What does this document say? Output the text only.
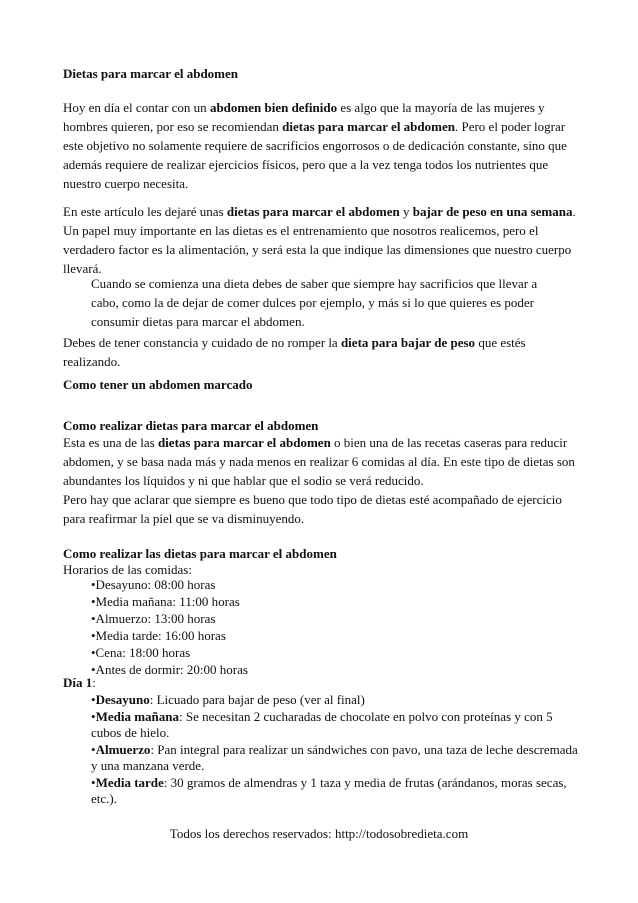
Dietas para marcar el abdomen
Hoy en día el contar con un abdomen bien definido es algo que la mayoría de las mujeres y
hombres quieren, por eso se recomiendan dietas para marcar el abdomen. Pero el poder lograr
este objetivo no solamente requiere de sacrificios engorrosos o de dedicación constante, sino que
además requiere de realizar ejercicios físicos, pero que a la vez tenga todos los nutrientes que
nuestro cuerpo necesita.
En este artículo les dejaré unas dietas para marcar el abdomen y bajar de peso en una semana.
Un papel muy importante en las dietas es el entrenamiento que nosotros realicemos, pero el
verdadero factor es la alimentación, y será esta la que indique las dimensiones que nuestro cuerpo
llevará.
Cuando se comienza una dieta debes de saber que siempre hay sacrificios que llevar a
cabo, como la de dejar de comer dulces por ejemplo, y más si lo que quieres es poder
consumir dietas para marcar el abdomen.
Debes de tener constancia y cuidado de no romper la dieta para bajar de peso que estés
realizando.
Como tener un abdomen marcado
Como realizar dietas para marcar el abdomen
Esta es una de las dietas para marcar el abdomen o bien una de las recetas caseras para reducir
abdomen, y se basa nada más y nada menos en realizar 6 comidas al día. En este tipo de dietas son
abundantes los líquidos y ni que hablar que el sodio se verá reducido.
Pero hay que aclarar que siempre es bueno que todo tipo de dietas esté acompañado de ejercicio
para reafirmar la piel que se va disminuyendo.
Como realizar las dietas para marcar el abdomen
Horarios de las comidas:
•Desayuno: 08:00 horas
•Media mañana: 11:00 horas
•Almuerzo: 13:00 horas
•Media tarde: 16:00 horas
•Cena: 18:00 horas
•Antes de dormir: 20:00 horas
Día 1:
•Desayuno: Licuado para bajar de peso (ver al final)
•Media mañana: Se necesitan 2 cucharadas de chocolate en polvo con proteínas y con 5
cubos de hielo.
•Almuerzo: Pan integral para realizar un sándwiches con pavo, una taza de leche descremada
y una manzana verde.
•Media tarde: 30 gramos de almendras y 1 taza y media de frutas (arándanos, moras secas,
etc.).
Todos los derechos reservados: http://todosobredieta.com
